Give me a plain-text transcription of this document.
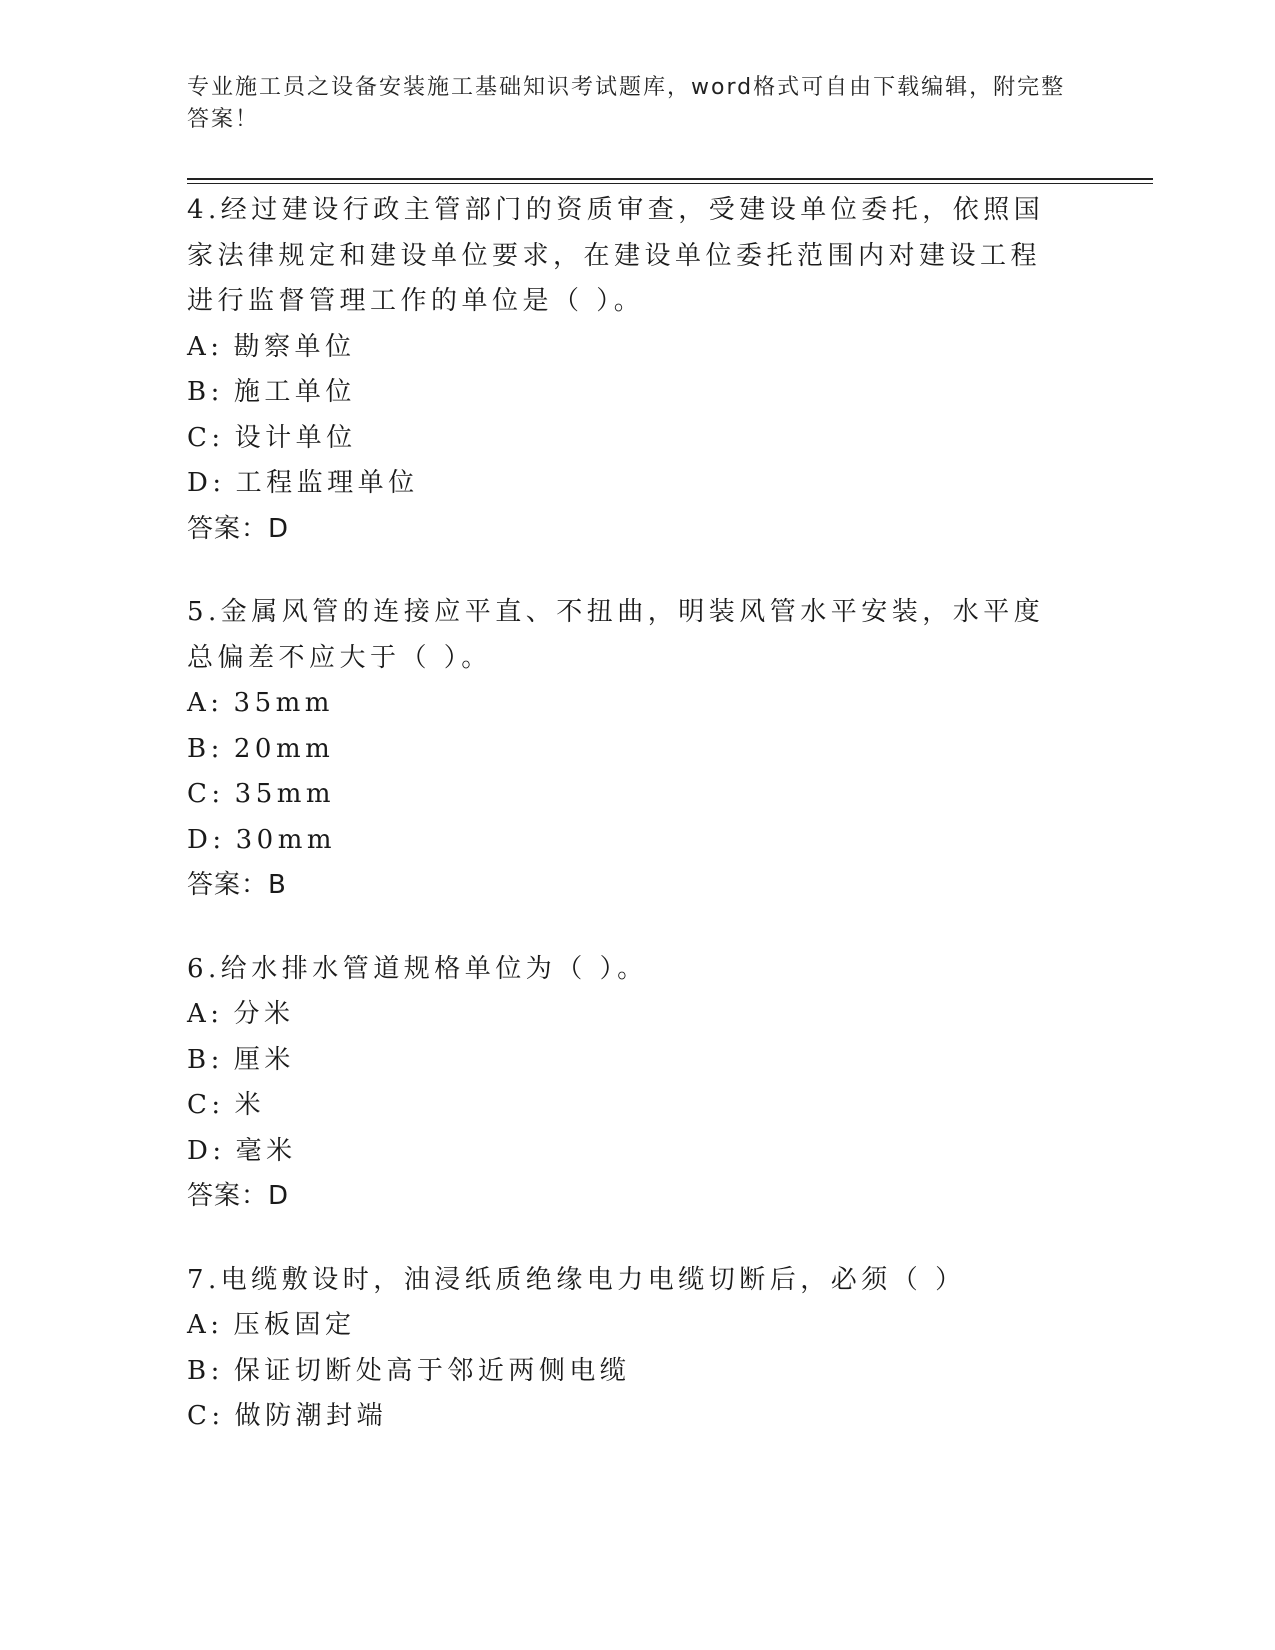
专业施工员之设备安装施工基础知识考试题库，word格式可自由下载编辑，附完整答案！

4.经过建设行政主管部门的资质审查，受建设单位委托，依照国家法律规定和建设单位要求，在建设单位委托范围内对建设工程进行监督管理工作的单位是（ ）。

A: 勘察单位

B: 施工单位

C: 设计单位

D: 工程监理单位

答案：D

5.金属风管的连接应平直、不扭曲，明装风管水平安装，水平度总偏差不应大于（ ）。

A: 35mm

B: 20mm

C: 35mm

D: 30mm

答案：B

6.给水排水管道规格单位为（ ）。

A: 分米

B: 厘米

C: 米

D: 毫米

答案：D

7.电缆敷设时，油浸纸质绝缘电力电缆切断后，必须（ ）

A: 压板固定

B: 保证切断处高于邻近两侧电缆

C: 做防潮封端
